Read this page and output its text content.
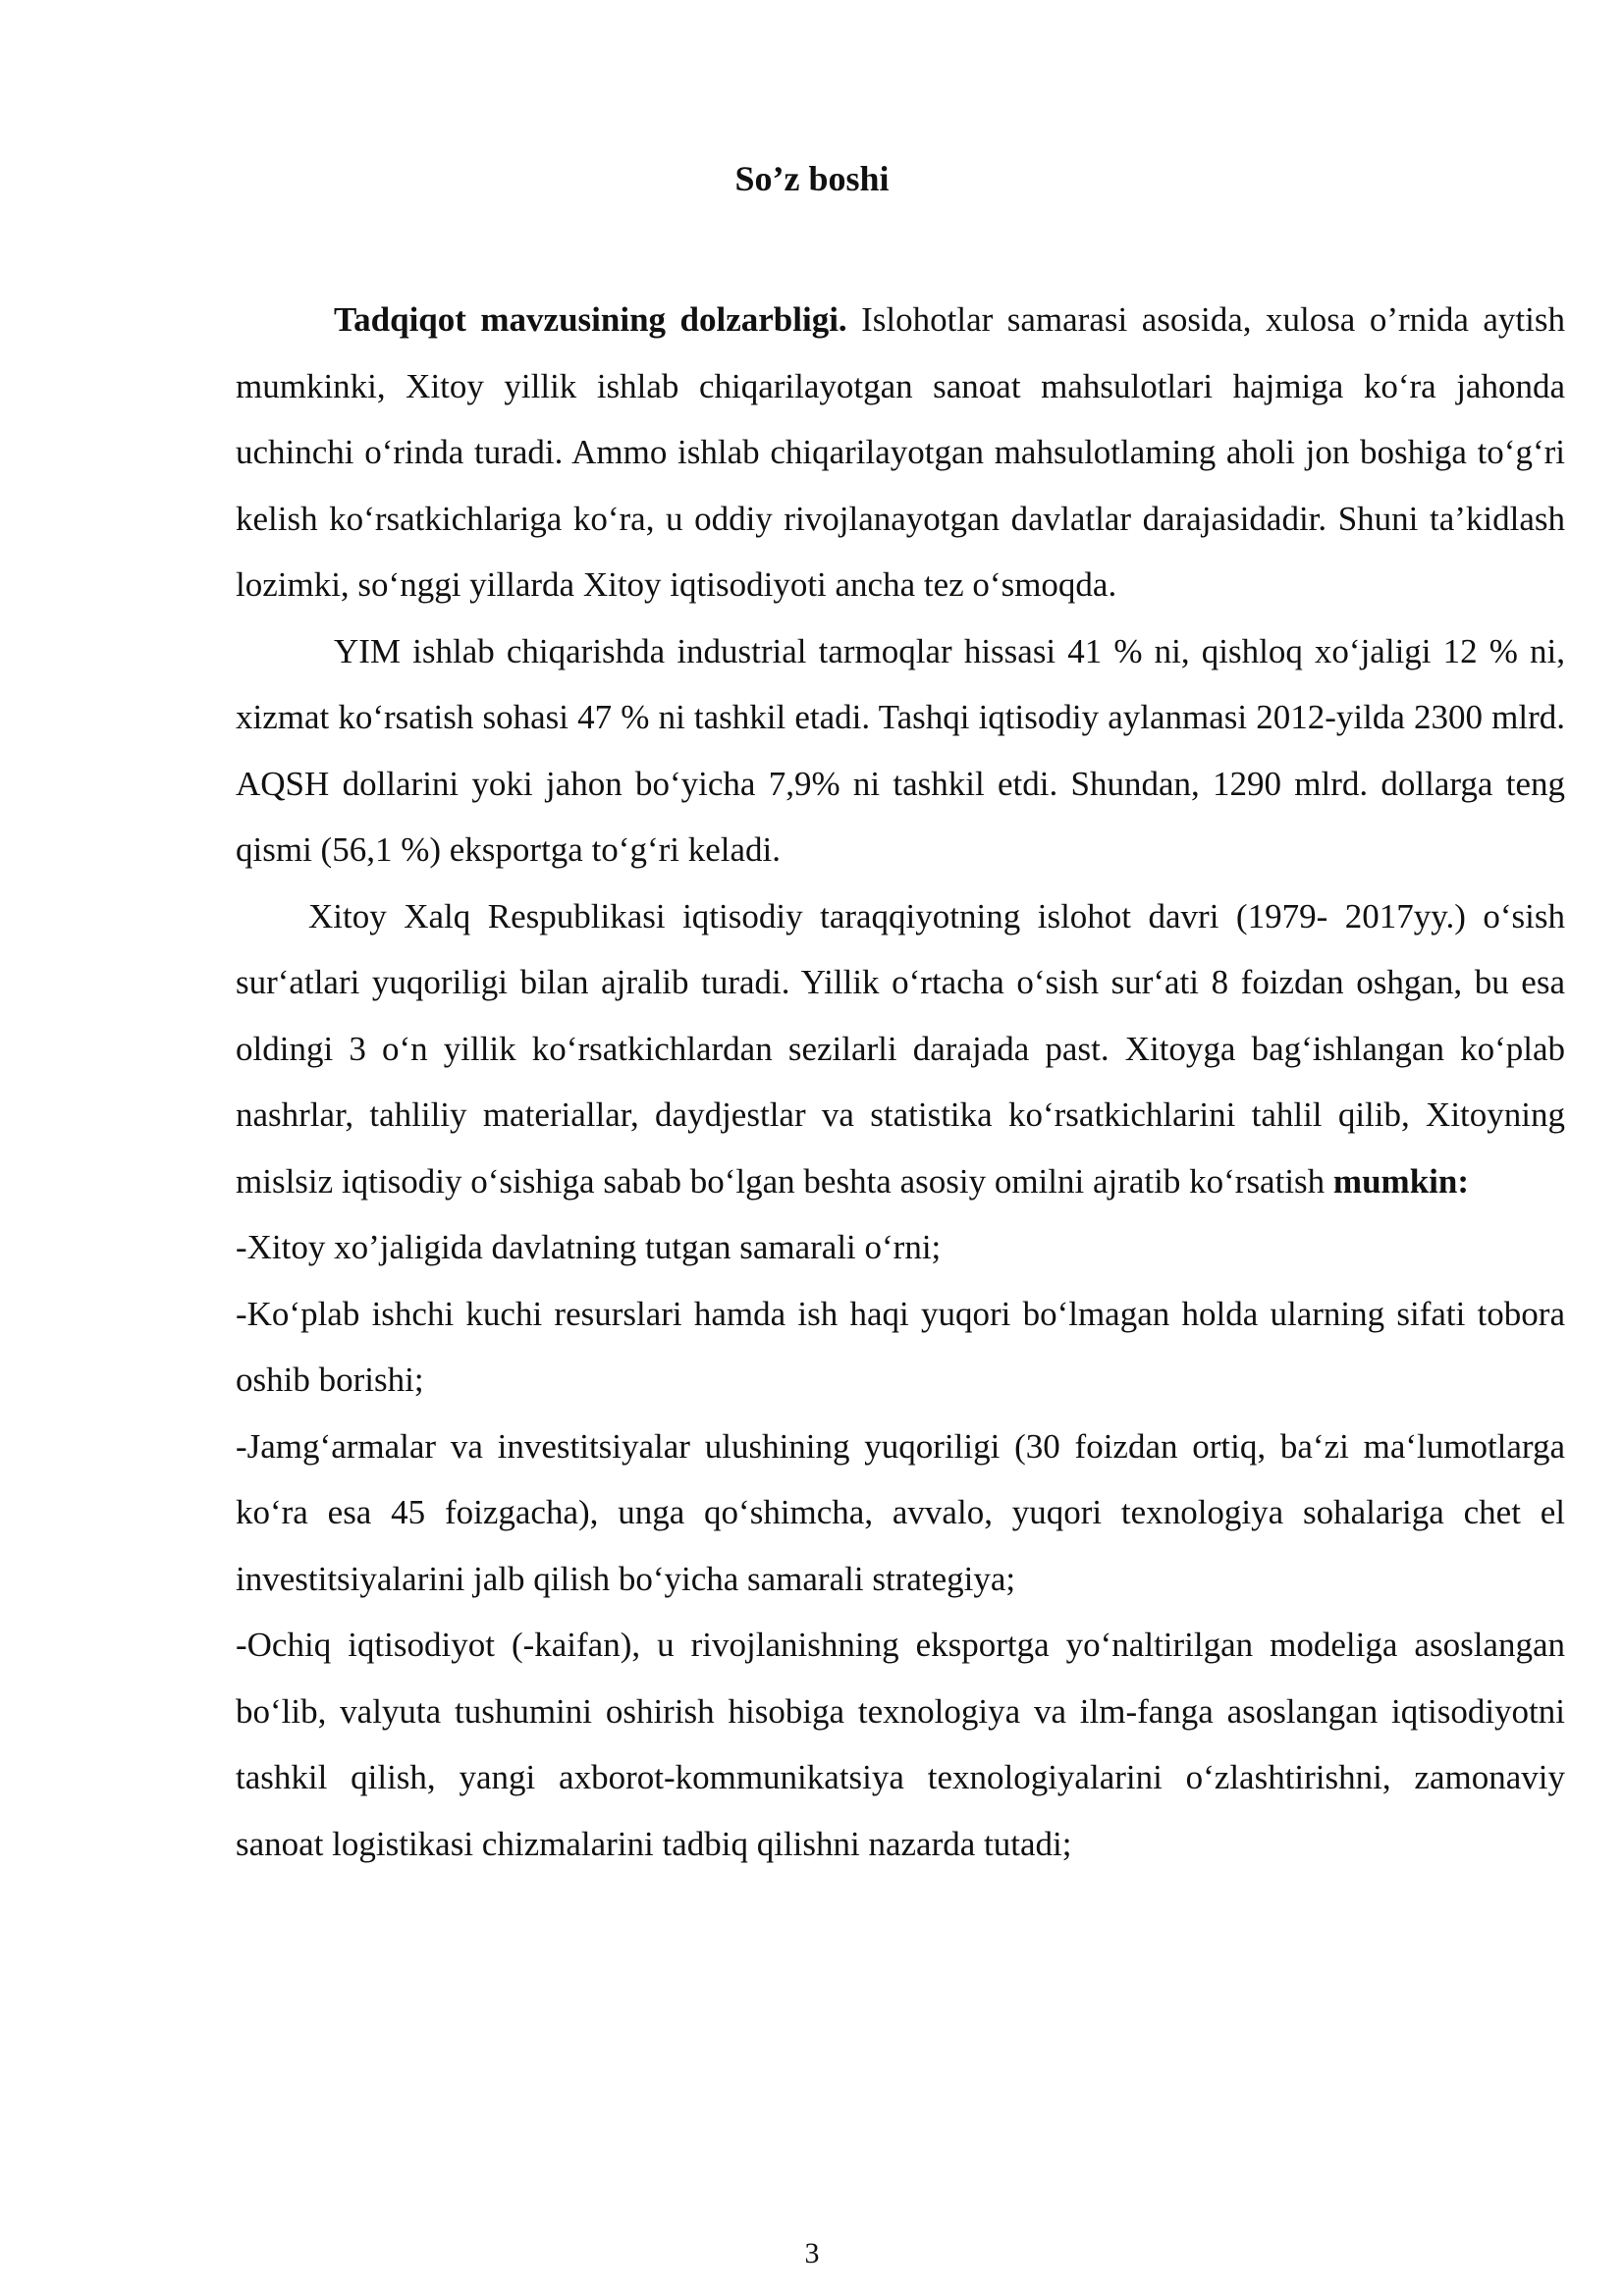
So’z boshi

Tadqiqot mavzusining dolzarbligi. Islohotlar samarasi asosida, xulosa o’rnida aytish mumkinki, Xitoy yillik ishlab chiqarilayotgan sanoat mahsulotlari hajmiga ko‘ra jahonda uchinchi o‘rinda turadi. Ammo ishlab chiqarilayotgan mahsulotlaming aholi jon boshiga to‘g‘ri kelish ko‘rsatkichlariga ko‘ra, u oddiy rivojlanayotgan davlatlar darajasidadir. Shuni ta’kidlash lozimki, so‘nggi yillarda Xitoy iqtisodiyoti ancha tez o‘smoqda.

YIM ishlab chiqarishda industrial tarmoqlar hissasi 41 % ni, qishloq xo‘jaligi 12 % ni, xizmat ko‘rsatish sohasi 47 % ni tashkil etadi. Tashqi iqtisodiy aylanmasi 2012-yilda 2300 mlrd. AQSH dollarini yoki jahon bo‘yicha 7,9% ni tashkil etdi. Shundan, 1290 mlrd. dollarga teng qismi (56,1 %) eksportga to‘g‘ri keladi.

Xitoy Xalq Respublikasi iqtisodiy taraqqiyotning islohot davri (1979- 2017yy.) o‘sish sur‘atlari yuqoriligi bilan ajralib turadi. Yillik o‘rtacha o‘sish sur‘ati 8 foizdan oshgan, bu esa oldingi 3 o‘n yillik ko‘rsatkichlardan sezilarli darajada past. Xitoyga bag‘ishlangan ko‘plab nashrlar, tahliliy materiallar, daydjestlar va statistika ko‘rsatkichlarini tahlil qilib, Xitoyning mislsiz iqtisodiy o‘sishiga sabab bo‘lgan beshta asosiy omilni ajratib ko‘rsatish mumkin:

-Xitoy xo’jaligida davlatning tutgan samarali o‘rni;

-Ko‘plab ishchi kuchi resurslari hamda ish haqi yuqori bo‘lmagan holda ularning sifati tobora oshib borishi;

-Jamg‘armalar va investitsiyalar ulushining yuqoriligi (30 foizdan ortiq, ba‘zi ma‘lumotlarga ko‘ra esa 45 foizgacha), unga qo‘shimcha, avvalo, yuqori texnologiya sohalariga chet el investitsiyalarini jalb qilish bo‘yicha samarali strategiya;

-Ochiq iqtisodiyot (-kaifan), u rivojlanishning eksportga yo‘naltirilgan modeliga asoslangan bo‘lib, valyuta tushumini oshirish hisobiga texnologiya va ilm-fanga asoslangan iqtisodiyotni tashkil qilish, yangi axborot-kommunikatsiya texnologiyalarini o‘zlashtirishni, zamonaviy sanoat logistikasi chizmalarini tadbiq qilishni nazarda tutadi;

3
